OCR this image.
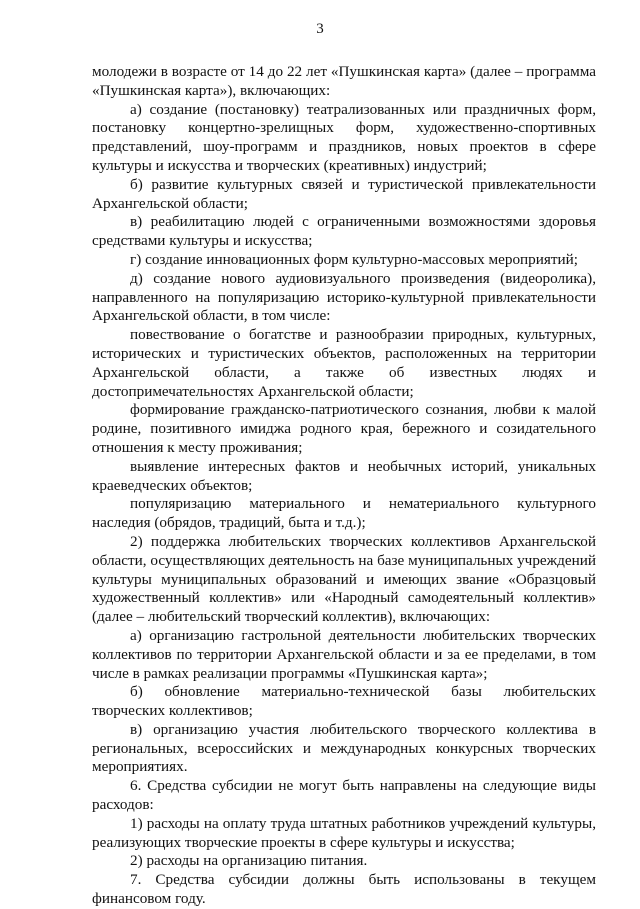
3

молодежи в возрасте от 14 до 22 лет «Пушкинская карта» (далее – программа «Пушкинская карта»), включающих:

а) создание (постановку) театрализованных или праздничных форм, постановку концертно-зрелищных форм, художественно-спортивных представлений, шоу-программ и праздников, новых проектов в сфере культуры и искусства и творческих (креативных) индустрий;

б) развитие культурных связей и туристической привлекательности Архангельской области;

в) реабилитацию людей с ограниченными возможностями здоровья средствами культуры и искусства;

г) создание инновационных форм культурно-массовых мероприятий;

д) создание нового аудиовизуального произведения (видеоролика), направленного на популяризацию историко-культурной привлекательности Архангельской области, в том числе:

повествование о богатстве и разнообразии природных, культурных, исторических и туристических объектов, расположенных на территории Архангельской области, а также об известных людях и достопримечательностях Архангельской области;

формирование гражданско-патриотического сознания, любви к малой родине, позитивного имиджа родного края, бережного и созидательного отношения к месту проживания;

выявление интересных фактов и необычных историй, уникальных краеведческих объектов;

популяризацию материального и нематериального культурного наследия (обрядов, традиций, быта и т.д.);

2) поддержка любительских творческих коллективов Архангельской области, осуществляющих деятельность на базе муниципальных учреждений культуры муниципальных образований и имеющих звание «Образцовый художественный коллектив» или «Народный самодеятельный коллектив» (далее – любительский творческий коллектив), включающих:

а) организацию гастрольной деятельности любительских творческих коллективов по территории Архангельской области и за ее пределами, в том числе в рамках реализации программы «Пушкинская карта»;

б) обновление материально-технической базы любительских творческих коллективов;

в) организацию участия любительского творческого коллектива в региональных, всероссийских и международных конкурсных творческих мероприятиях.

6. Средства субсидии не могут быть направлены на следующие виды расходов:

1) расходы на оплату труда штатных работников учреждений культуры, реализующих творческие проекты в сфере культуры и искусства;

2) расходы на организацию питания.

7. Средства субсидии должны быть использованы в текущем финансовом году.
